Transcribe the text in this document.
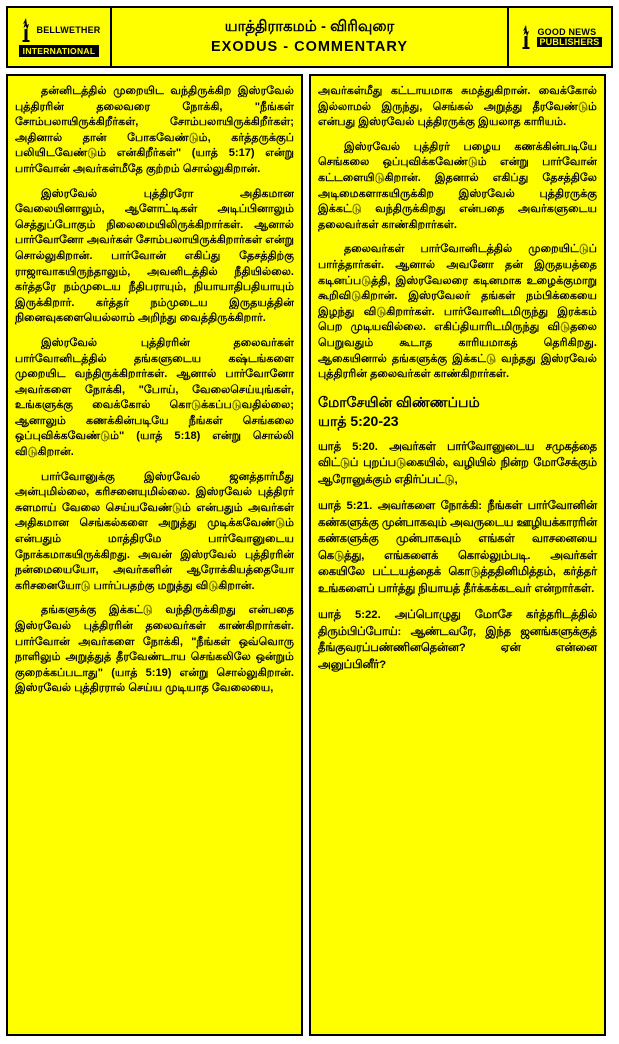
BELLWETHER
INTERNATIONAL
யாத்திராகமம் - விரிவுரை
EXODUS - COMMENTARY
GOOD NEWS
PUBLISHERS

தன்னிடத்தில் முறையிட வந்திருக்கிற இஸ்ரவேல் புத்திரரின் தலைவரை நோக்கி, "நீங்கள் சோம்பலாயிருக்கிறீர்கள், சோம்பலாயிருக்கிறீர்கள்; அதினால் தான் போகவேண்டும், கர்த்தருக்குப் பலியிடவேண்டும் என்கிறீர்கள்" (யாத் 5:17) என்று பார்வோன் அவர்கள்மீதே குற்றம் சொல்லுகிறான்.

இஸ்ரவேல் புத்திரரோ அதிகமான வேலையினாலும், ஆளோட்டிகள் அடிப்பினாலும் செத்துப்போகும் நிலைமையிலிருக்கிறார்கள். ஆனால் பார்வோனோ அவர்கள் சோம்பலாயிருக்கிறார்கள் என்று சொல்லுகிறான். பார்வோன் எகிப்து தேசத்திற்கு ராஜாவாகயிருந்தாலும், அவனிடத்தில் நீதியில்லை. கர்த்தரே நம்முடைய நீதிபராயும், நியாயாதிபதியாயும் இருக்கிறார். கர்த்தர் நம்முடைய இருதயத்தின் நினைவுகளையெல்லாம் அறிந்து வைத்திருக்கிறார்.

இஸ்ரவேல் புத்திரரின் தலைவர்கள் பார்வோனிடத்தில் தங்களுடைய கஷ்டங்களை முறையிட வந்திருக்கிறார்கள். ஆனால் பார்வோனோ அவர்களை நோக்கி, "போய், வேலைசெய்யுங்கள், உங்களுக்கு வைக்கோல் கொடுக்கப்படுவதில்லை; ஆனாலும் கணக்கின்படியே நீங்கள் செங்கலை ஒப்புவிக்கவேண்டும்" (யாத் 5:18) என்று சொல்லி விடுகிறான்.

பார்வோனுக்கு இஸ்ரவேல் ஜனத்தார்மீது அன்புமில்லை, கரிசனையுமில்லை. இஸ்ரவேல் புத்திரர் சுளமாய் வேலை செய்யவேண்டும் என்பதும் அவர்கள் அதிகமான செங்கல்களை அறுத்து முடிக்கவேண்டும் என்பதும் மாத்திரமே பார்வோனுடைய நோக்கமாகயிருக்கிறது. அவன் இஸ்ரவேல் புத்திரரின் நன்மையையோ, அவர்களின் ஆரோக்கியத்தையோ கரிசனையோடு பார்ப்பதற்கு மறுத்து விடுகிறான்.

தங்களுக்கு இக்கட்டு வந்திருக்கிறது என்பதை இஸ்ரவேல் புத்திரரின் தலைவர்கள் காண்கிறார்கள். பார்வோன் அவர்களை நோக்கி, "நீங்கள் ஒவ்வொரு நாளிலும் அறுத்துத் தீரவேண்டாய செங்கலிலே ஒன்றும் குறைக்கப்படாது" (யாத் 5:19) என்று சொல்லுகிறான். இஸ்ரவேல் புத்திரரால் செய்ய முடியாத வேலையை,

அவர்கள்மீது கட்டாயமாக சுமத்துகிறான். வைக்கோல் இல்லாமல் இருந்து, செங்கல் அறுத்து தீரவேண்டும் என்பது இஸ்ரவேல் புத்திரருக்கு இயலாத காரியம்.

இஸ்ரவேல் புத்திரர் பழைய கணக்கின்படியே செங்கலை ஒப்புவிக்கவேண்டும் என்று பார்வோன் கட்டளையிடுகிறான். இதனால் எகிப்து தேசத்திலே அடிமைகளாகயிருக்கிற இஸ்ரவேல் புத்திரருக்கு இக்கட்டு வந்திருக்கிறது என்பதை அவர்களுடைய தலைவர்கள் காண்கிறார்கள்.

தலைவர்கள் பார்வோனிடத்தில் முறையிட்டுப் பார்த்தார்கள். ஆனால் அவனோ தன் இருதயத்தை கடினப்படுத்தி, இஸ்ரவேலரை கடினமாக உழைக்குமாறு கூறிவிடுகிறான். இஸ்ரவேலர் தங்கள் நம்பிக்கையை இழந்து விடுகிறார்கள். பார்வோனிடமிருந்து இரக்கம் பெற முடியவில்லை. எகிப்தியாரிடமிருந்து விடுதலை பெறுவதும் கூடாத காரியமாகத் தெரிகிறது. ஆகையினால் தங்களுக்கு இக்கட்டு வந்தது இஸ்ரவேல் புத்திரரின் தலைவர்கள் காண்கிறார்கள்.

மோசேயின் விண்ணப்பம்
யாத் 5:20-23

யாத் 5:20. அவர்கள் பார்வோனுடைய சமுகத்தை விட்டுப் புறப்படுகையில், வழியில் நின்ற மோசேக்கும் ஆரோனுக்கும் எதிர்ப்பட்டு,

யாத் 5:21. அவர்களை நோக்கி: நீங்கள் பார்வோனின் கண்களுக்கு முன்பாகவும் அவருடைய ஊழியக்காரரின் கண்களுக்கு முன்பாகவும் எங்கள் வாசனையை கெடுத்து, எங்களைக் கொல்லும்படி. அவர்கள் கையிலே பட்டயத்தைக் கொடுத்ததினிமித்தம், கர்த்தர் உங்களைப் பார்த்து நியாயத் தீர்க்கக்கடவர் என்றார்கள்.

யாத் 5:22. அப்பொழுது மோசே கர்த்தரிடத்தில் திரும்பிப்போய்: ஆண்டவரே, இந்த ஜனங்களுக்குத் தீங்குவரப்பண்ணினதென்ன? ஏன் என்னை அனுப்பினீர்?
